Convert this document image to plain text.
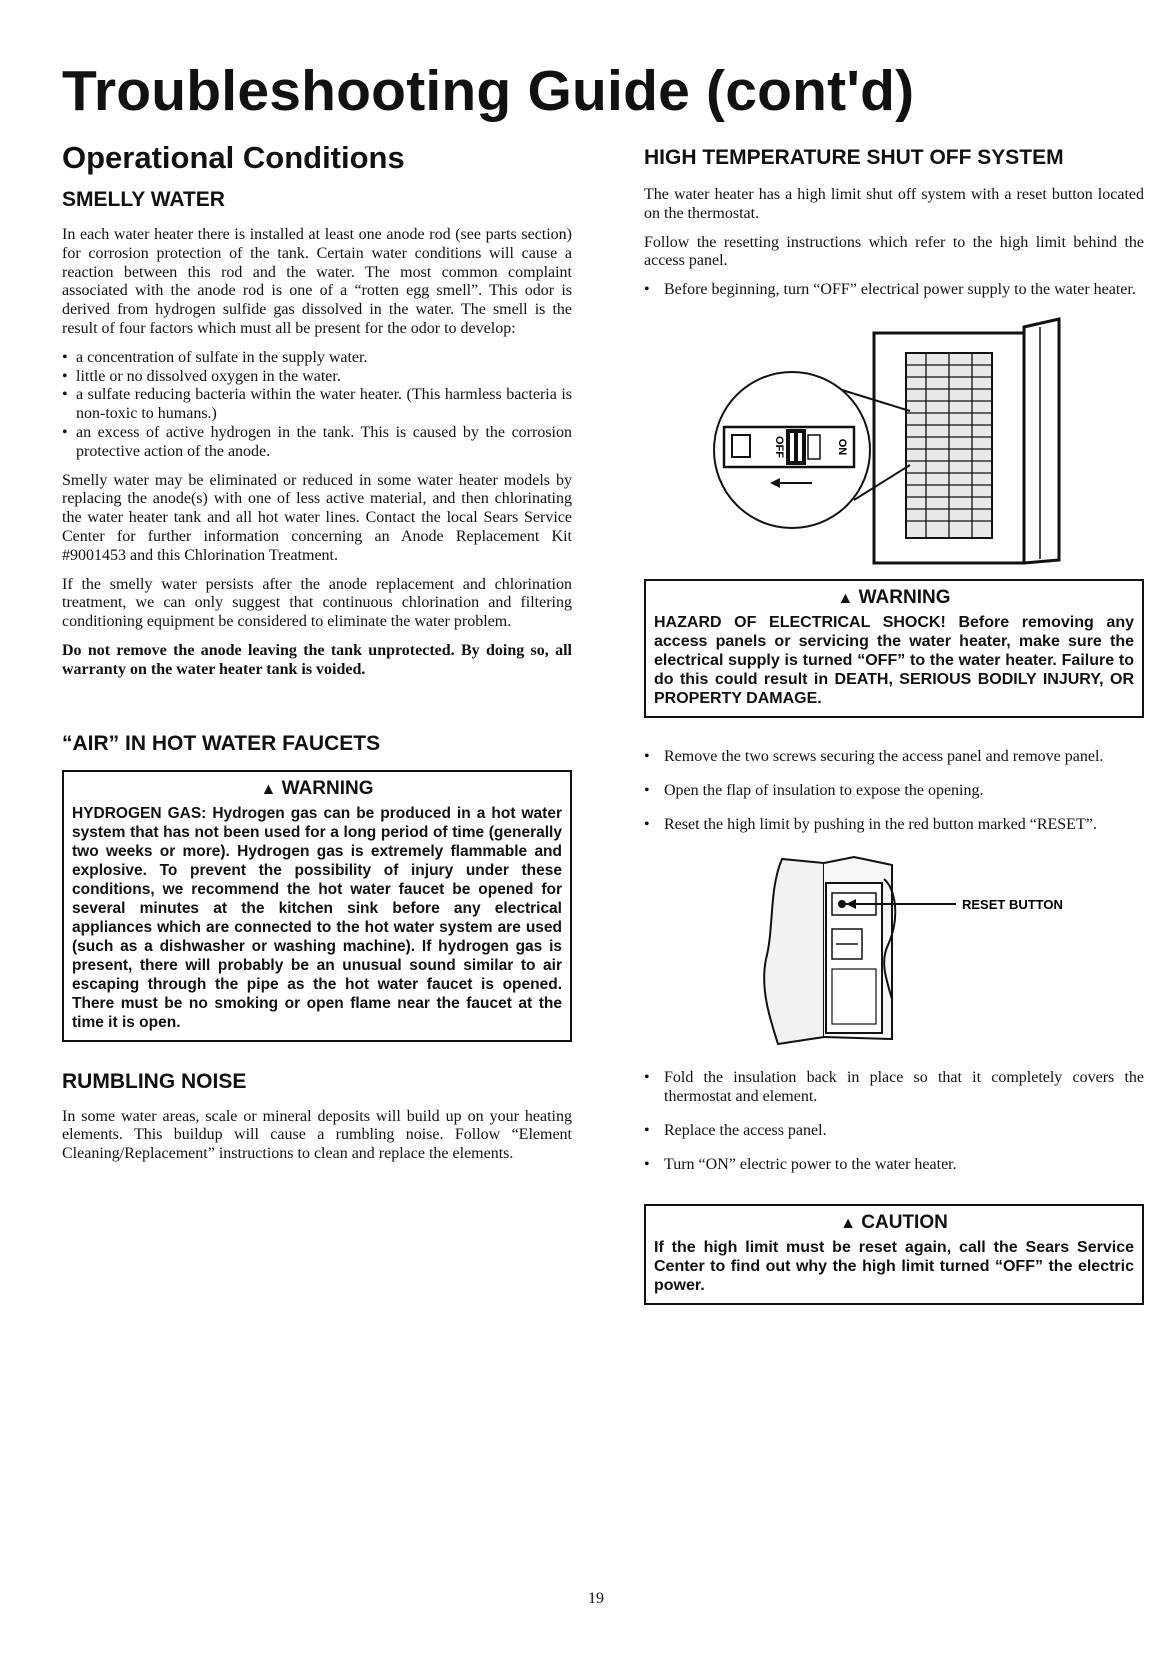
Troubleshooting Guide (cont'd)
Operational Conditions
SMELLY WATER

In each water heater there is installed at least one anode rod (see parts section) for corrosion protection of the tank. Certain water conditions will cause a reaction between this rod and the water. The most common complaint associated with the anode rod is one of a “rotten egg smell”. This odor is derived from hydrogen sulfide gas dissolved in the water. The smell is the result of four factors which must all be present for the odor to develop:

• a concentration of sulfate in the supply water.
• little or no dissolved oxygen in the water.
• a sulfate reducing bacteria within the water heater. (This harmless bacteria is non-toxic to humans.)
• an excess of active hydrogen in the tank. This is caused by the corrosion protective action of the anode.

Smelly water may be eliminated or reduced in some water heater models by replacing the anode(s) with one of less active material, and then chlorinating the water heater tank and all hot water lines. Contact the local Sears Service Center for further information concerning an Anode Replacement Kit #9001453 and this Chlorination Treatment.

If the smelly water persists after the anode replacement and chlorination treatment, we can only suggest that continuous chlorination and filtering conditioning equipment be considered to eliminate the water problem.

Do not remove the anode leaving the tank unprotected. By doing so, all warranty on the water heater tank is voided.

“AIR” IN HOT WATER FAUCETS
▲ WARNING
HYDROGEN GAS: Hydrogen gas can be produced in a hot water system that has not been used for a long period of time (generally two weeks or more). Hydrogen gas is extremely flammable and explosive. To prevent the possibility of injury under these conditions, we recommend the hot water faucet be opened for several minutes at the kitchen sink before any electrical appliances which are connected to the hot water system are used (such as a dishwasher or washing machine). If hydrogen gas is present, there will probably be an unusual sound similar to air escaping through the pipe as the hot water faucet is opened. There must be no smoking or open flame near the faucet at the time it is open.
RUMBLING NOISE

In some water areas, scale or mineral deposits will build up on your heating elements. This buildup will cause a rumbling noise. Follow “Element Cleaning/Replacement” instructions to clean and replace the elements.

HIGH TEMPERATURE SHUT OFF SYSTEM

The water heater has a high limit shut off system with a reset button located on the thermostat.

Follow the resetting instructions which refer to the high limit behind the access panel.

• Before beginning, turn “OFF” electrical power supply to the water heater.
OFF	ON
▲ WARNING
HAZARD OF ELECTRICAL SHOCK! Before removing any access panels or servicing the water heater, make sure the electrical supply is turned “OFF” to the water heater. Failure to do this could result in DEATH, SERIOUS BODILY INJURY, OR PROPERTY DAMAGE.
• Remove the two screws securing the access panel and remove panel.
• Open the flap of insulation to expose the opening.
• Reset the high limit by pushing in the red button marked “RESET”.
RESET BUTTON
• Fold the insulation back in place so that it completely covers the thermostat and element.
• Replace the access panel.
• Turn “ON” electric power to the water heater.
▲ CAUTION
If the high limit must be reset again, call the Sears Service Center to find out why the high limit turned “OFF” the electric power.
19
